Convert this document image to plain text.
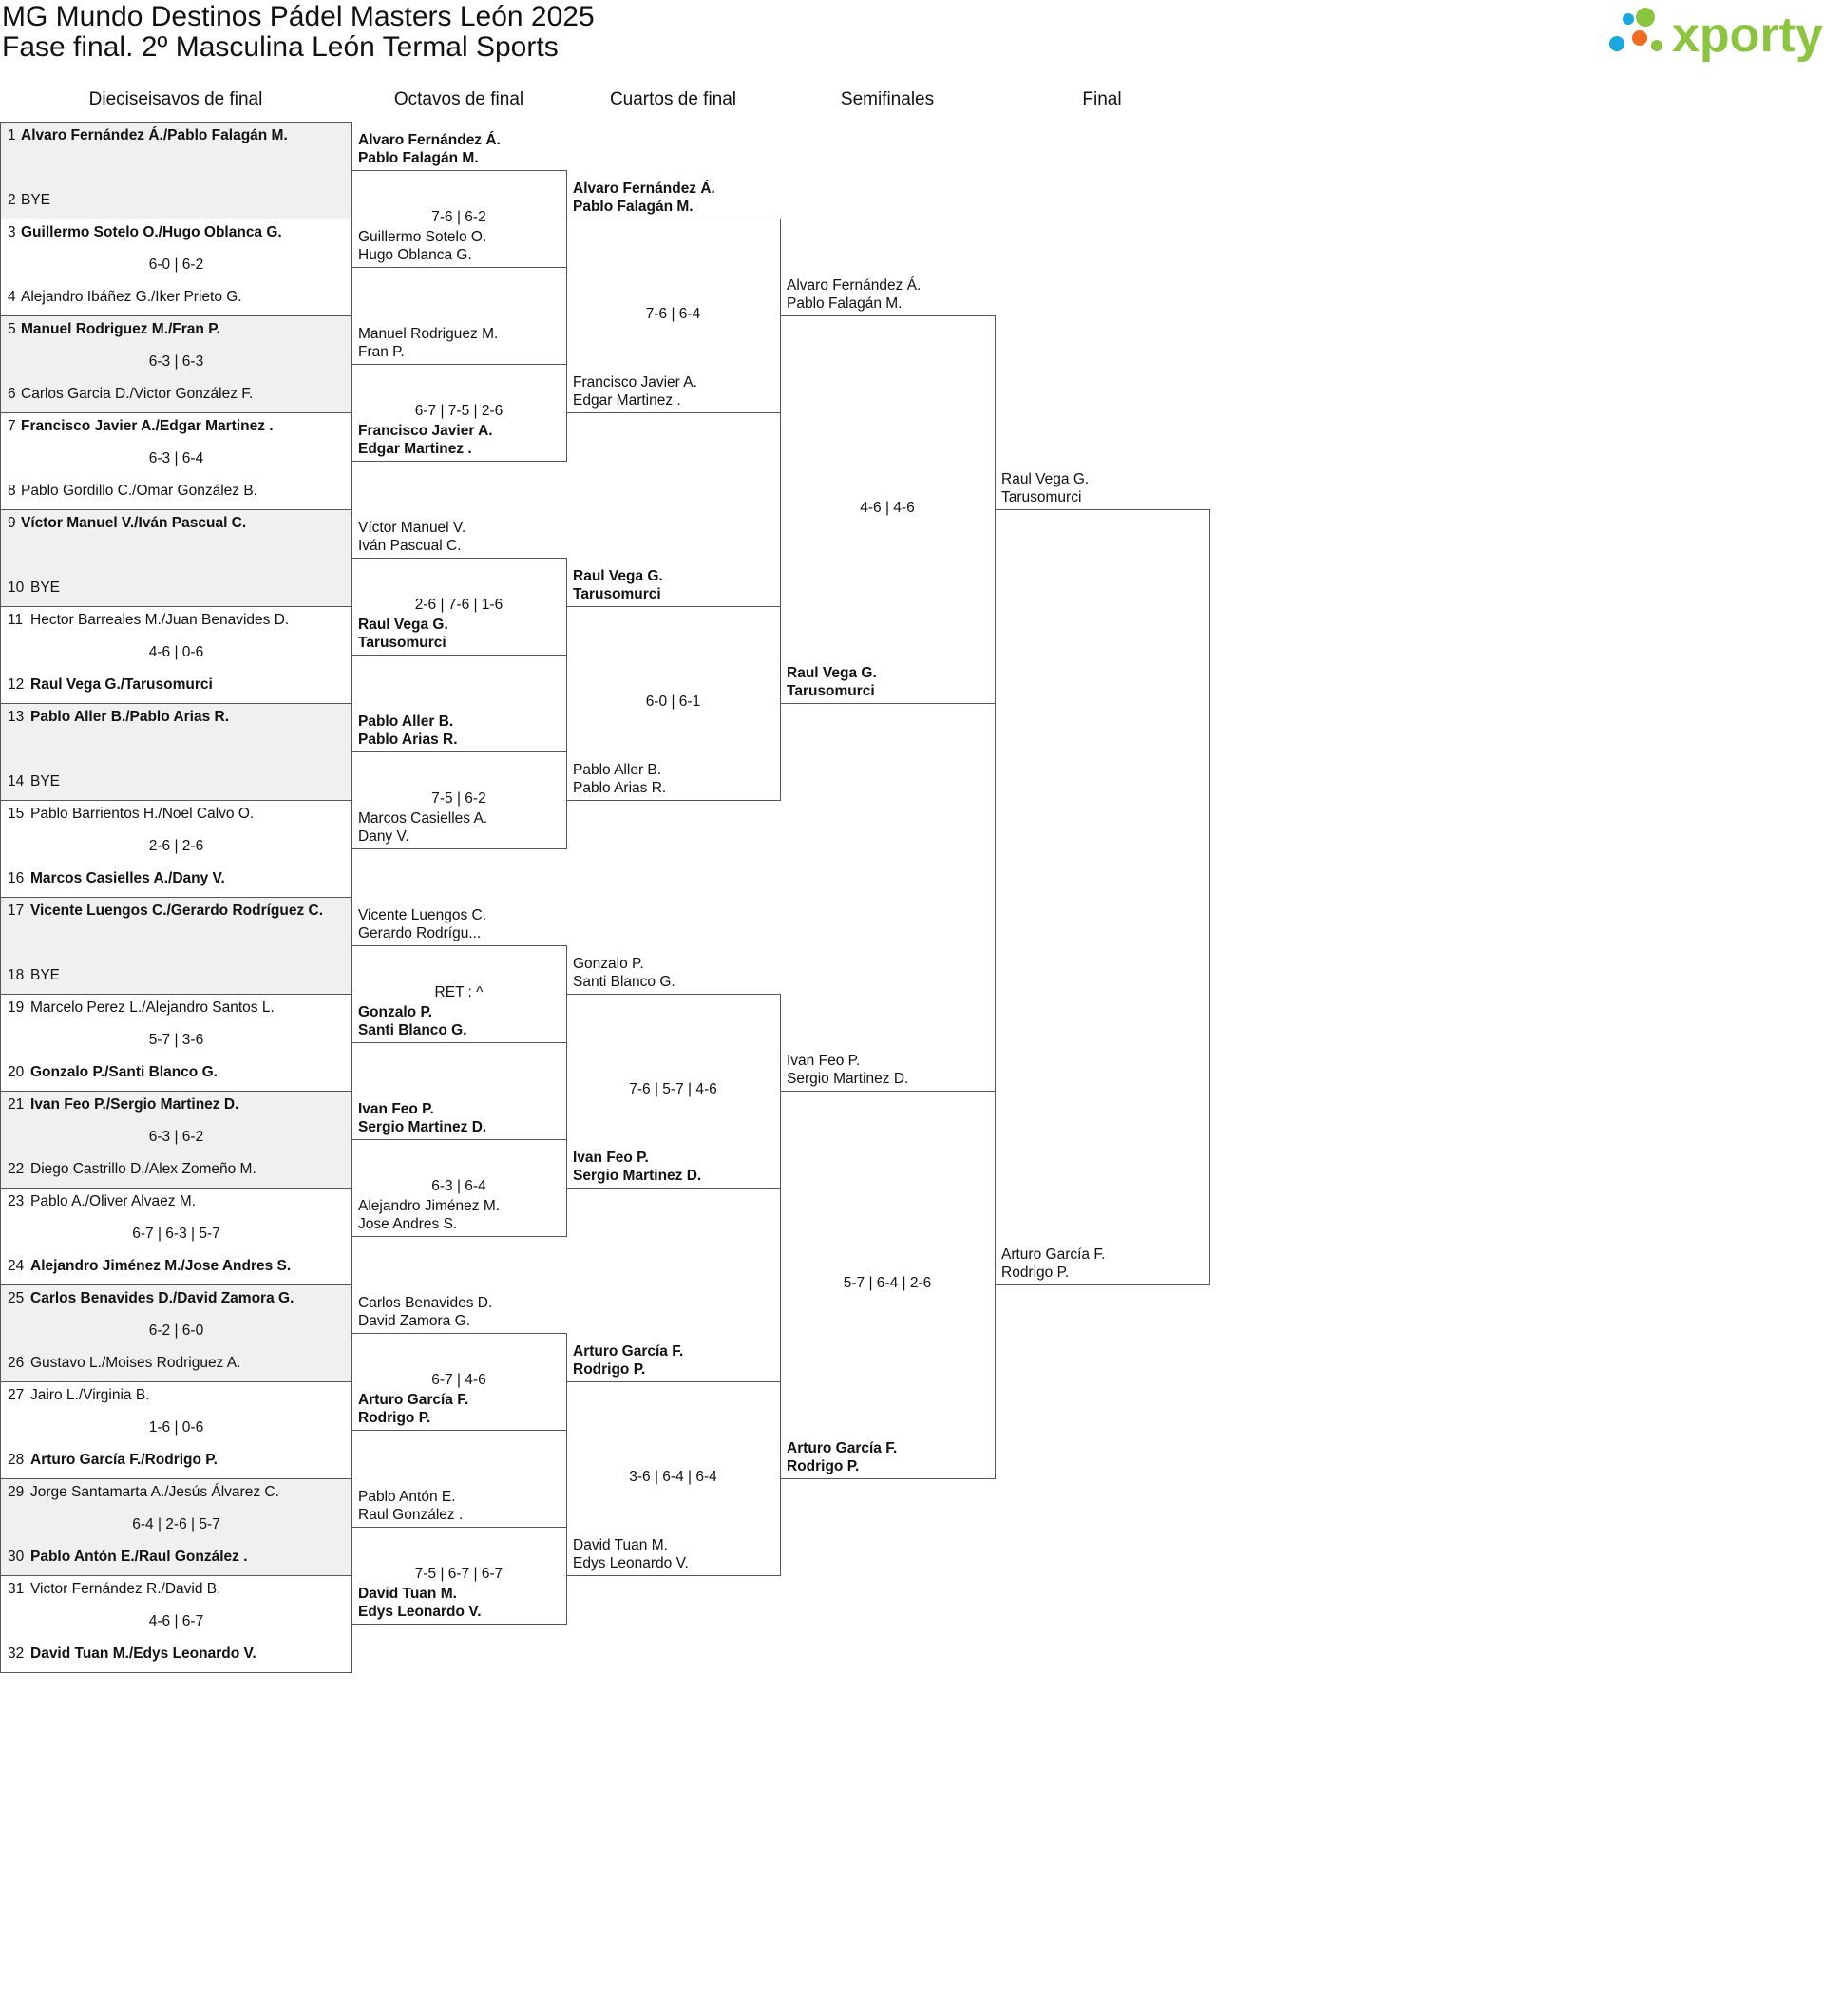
MG Mundo Destinos Pádel Masters León 2025
Fase final. 2º Masculina León Termal Sports	xporty
Dieciseisavos de final	Octavos de final	Cuartos de final	Semifinales	Final
1 Alvaro Fernández Á./Pablo Falagán M.
2 BYE
3 Guillermo Sotelo O./Hugo Oblanca G.
4 Alejandro Ibáñez G./Iker Prieto G.
6-0 | 6-2
5 Manuel Rodriguez M./Fran P.
6 Carlos Garcia D./Victor González F.
6-3 | 6-3
7 Francisco Javier A./Edgar Martinez .
8 Pablo Gordillo C./Omar González B.
6-3 | 6-4
9 Víctor Manuel V./Iván Pascual C.
10 BYE
11 Hector Barreales M./Juan Benavides D.
12 Raul Vega G./Tarusomurci
4-6 | 0-6
13 Pablo Aller B./Pablo Arias R.
14 BYE
15 Pablo Barrientos H./Noel Calvo O.
16 Marcos Casielles A./Dany V.
2-6 | 2-6
17 Vicente Luengos C./Gerardo Rodríguez C.
18 BYE
19 Marcelo Perez L./Alejandro Santos L.
20 Gonzalo P./Santi Blanco G.
5-7 | 3-6
21 Ivan Feo P./Sergio Martinez D.
22 Diego Castrillo D./Alex Zomeño M.
6-3 | 6-2
23 Pablo A./Oliver Alvaez M.
24 Alejandro Jiménez M./Jose Andres S.
6-7 | 6-3 | 5-7
25 Carlos Benavides D./David Zamora G.
26 Gustavo L./Moises Rodriguez A.
6-2 | 6-0
27 Jairo L./Virginia B.
28 Arturo García F./Rodrigo P.
1-6 | 0-6
29 Jorge Santamarta A./Jesús Álvarez C.
30 Pablo Antón E./Raul González .
6-4 | 2-6 | 5-7
31 Victor Fernández R./David B.
32 David Tuan M./Edys Leonardo V.
4-6 | 6-7
Alvaro Fernández Á.
Pablo Falagán M.
Guillermo Sotelo O.
Hugo Oblanca G.
7-6 | 6-2
Manuel Rodriguez M.
Fran P.
Francisco Javier A.
Edgar Martinez .
6-7 | 7-5 | 2-6
Víctor Manuel V.
Iván Pascual C.
Raul Vega G.
Tarusomurci
2-6 | 7-6 | 1-6
Pablo Aller B.
Pablo Arias R.
Marcos Casielles A.
Dany V.
7-5 | 6-2
Vicente Luengos C.
Gerardo Rodrígu...
Gonzalo P.
Santi Blanco G.
RET : ^
Ivan Feo P.
Sergio Martinez D.
Alejandro Jiménez M.
Jose Andres S.
6-3 | 6-4
Carlos Benavides D.
David Zamora G.
Arturo García F.
Rodrigo P.
6-7 | 4-6
Pablo Antón E.
Raul González .
David Tuan M.
Edys Leonardo V.
7-5 | 6-7 | 6-7
Alvaro Fernández Á.
Pablo Falagán M.
Francisco Javier A.
Edgar Martinez .
7-6 | 6-4
Raul Vega G.
Tarusomurci
Pablo Aller B.
Pablo Arias R.
6-0 | 6-1
Gonzalo P.
Santi Blanco G.
Ivan Feo P.
Sergio Martinez D.
7-6 | 5-7 | 4-6
Arturo García F.
Rodrigo P.
David Tuan M.
Edys Leonardo V.
3-6 | 6-4 | 6-4
Alvaro Fernández Á.
Pablo Falagán M.
Raul Vega G.
Tarusomurci
4-6 | 4-6
Ivan Feo P.
Sergio Martinez D.
Arturo García F.
Rodrigo P.
5-7 | 6-4 | 2-6
Raul Vega G.
Tarusomurci
Arturo García F.
Rodrigo P.
